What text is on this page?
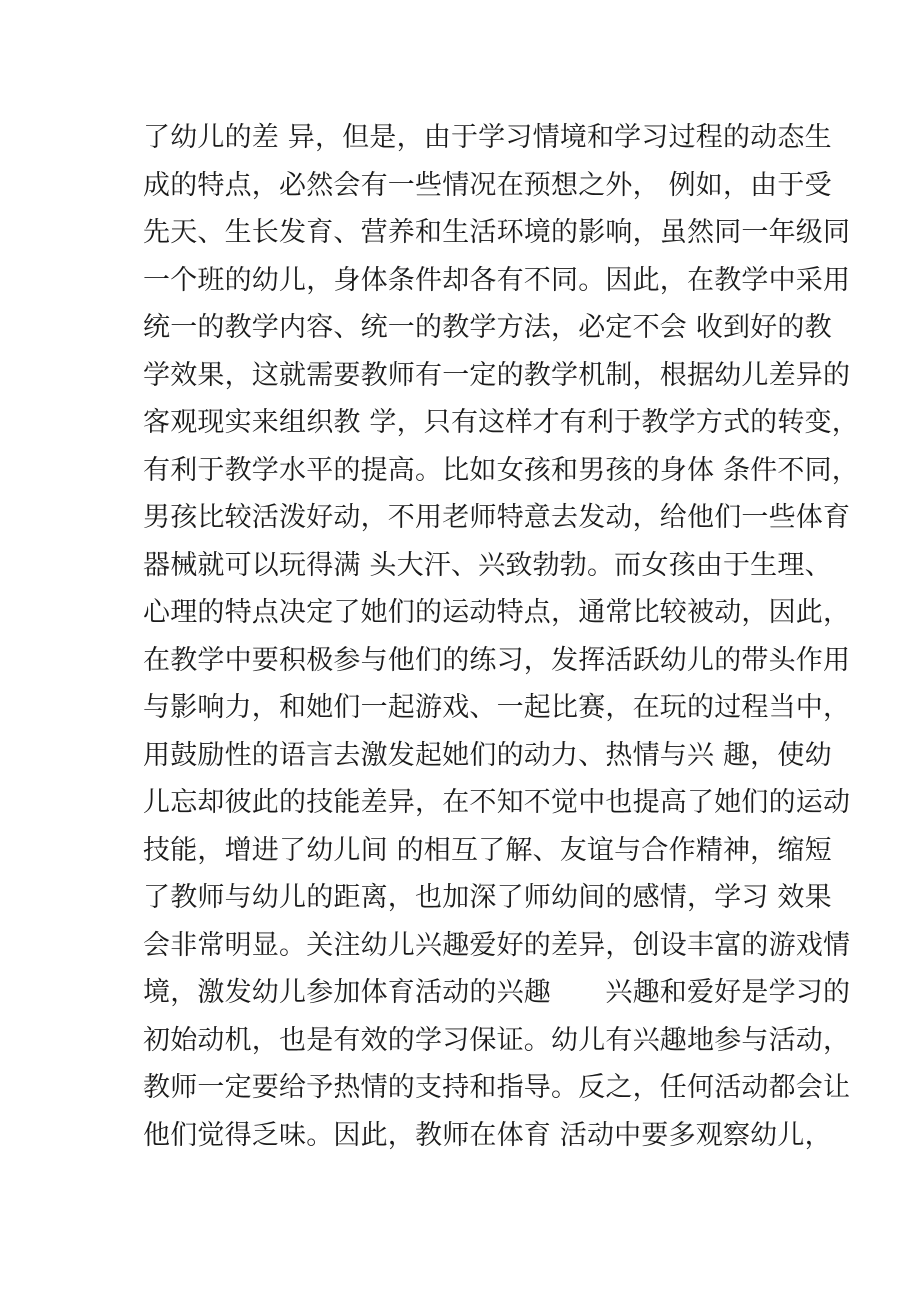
了幼儿的差 异，但是，由于学习情境和学习过程的动态生
成的特点，必然会有一些情况在预想之外， 例如，由于受
先天、生长发育、营养和生活环境的影响，虽然同一年级同
一个班的幼儿，身体条件却各有不同。因此，在教学中采用
统一的教学内容、统一的教学方法，必定不会 收到好的教
学效果，这就需要教师有一定的教学机制，根据幼儿差异的
客观现实来组织教 学，只有这样才有利于教学方式的转变，
有利于教学水平的提高。比如女孩和男孩的身体 条件不同，
男孩比较活泼好动，不用老师特意去发动，给他们一些体育
器械就可以玩得满 头大汗、兴致勃勃。而女孩由于生理、
心理的特点决定了她们的运动特点，通常比较被动，因此，
在教学中要积极参与他们的练习，发挥活跃幼儿的带头作用
与影响力，和她们一起游戏、一起比赛，在玩的过程当中，
用鼓励性的语言去激发起她们的动力、热情与兴 趣，使幼
儿忘却彼此的技能差异，在不知不觉中也提高了她们的运动
技能，增进了幼儿间 的相互了解、友谊与合作精神，缩短
了教师与幼儿的距离，也加深了师幼间的感情，学习 效果
会非常明显。关注幼儿兴趣爱好的差异，创设丰富的游戏情
境，激发幼儿参加体育活动的兴趣　　兴趣和爱好是学习的
初始动机，也是有效的学习保证。幼儿有兴趣地参与活动，
教师一定要给予热情的支持和指导。反之，任何活动都会让
他们觉得乏味。因此，教师在体育 活动中要多观察幼儿，
